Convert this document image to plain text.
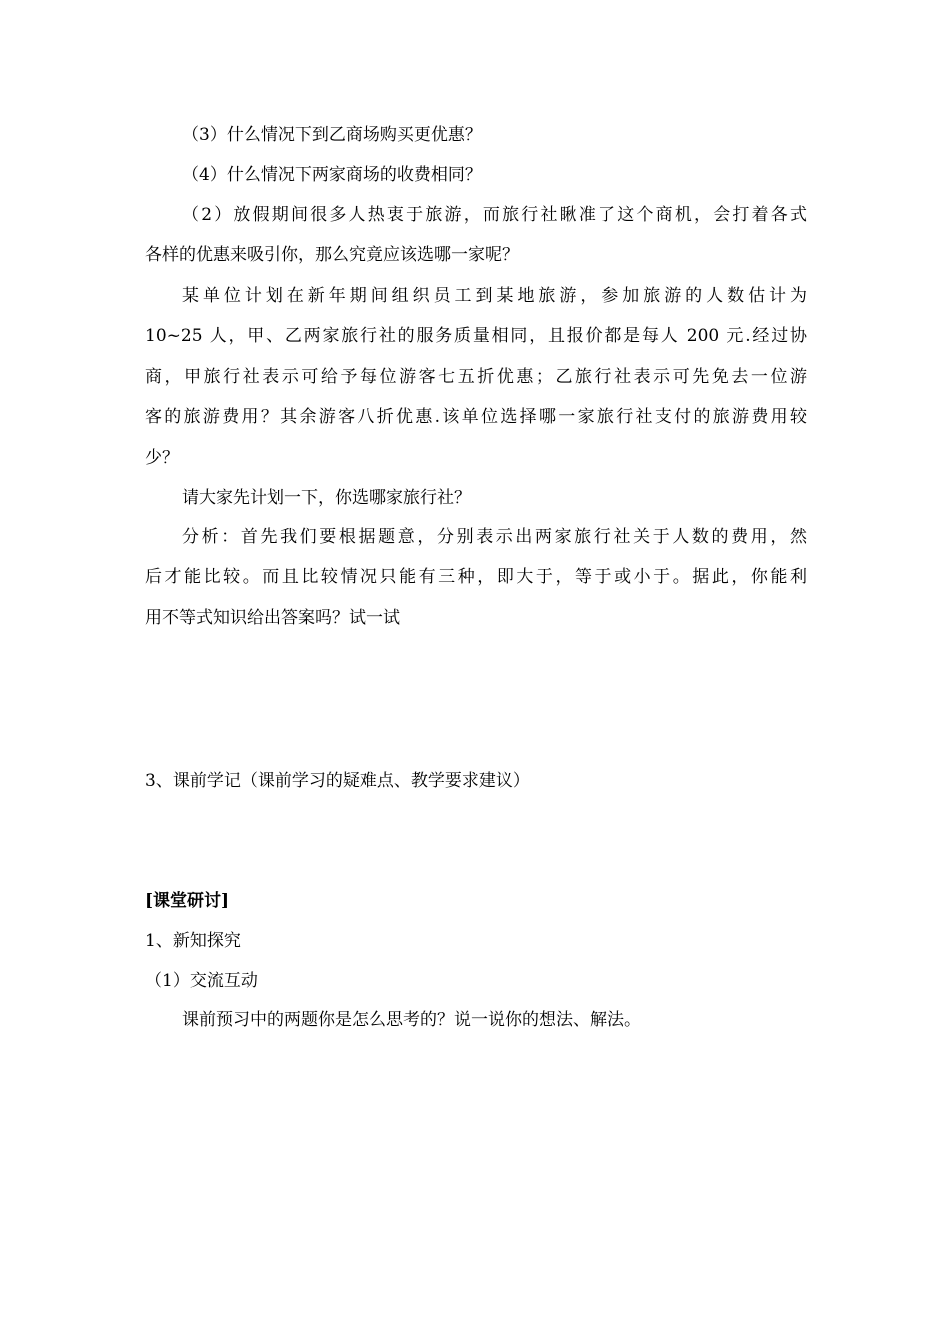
（3）什么情况下到乙商场购买更优惠？
（4）什么情况下两家商场的收费相同？
（2）放假期间很多人热衷于旅游，而旅行社瞅准了这个商机，会打着各式
各样的优惠来吸引你，那么究竟应该选哪一家呢？
某单位计划在新年期间组织员工到某地旅游，参加旅游的人数估计为
10~25 人，甲、乙两家旅行社的服务质量相同，且报价都是每人 200 元.经过协
商，甲旅行社表示可给予每位游客七五折优惠；乙旅行社表示可先免去一位游
客的旅游费用？其余游客八折优惠.该单位选择哪一家旅行社支付的旅游费用较
少？
请大家先计划一下，你选哪家旅行社？
分析：首先我们要根据题意，分别表示出两家旅行社关于人数的费用，然
后才能比较。而且比较情况只能有三种，即大于，等于或小于。据此，你能利
用不等式知识给出答案吗？试一试
3、课前学记（课前学习的疑难点、教学要求建议）
[课堂研讨]
1、新知探究
（1）交流互动
课前预习中的两题你是怎么思考的？说一说你的想法、解法。
